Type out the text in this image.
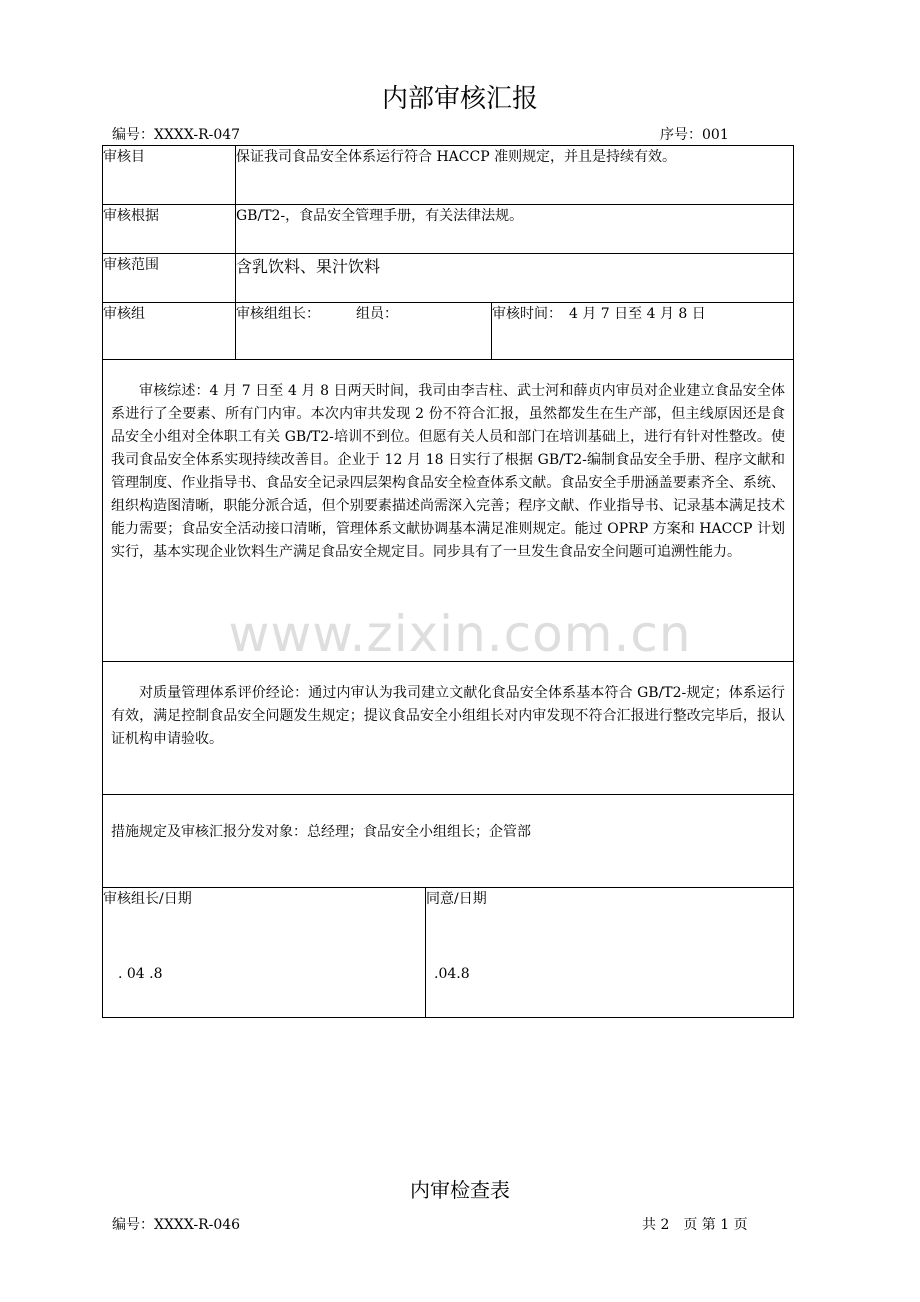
内部审核汇报
编号：XXXX-R-047	序号：001
审核目	保证我司食品安全体系运行符合 HACCP 准则规定，并且是持续有效。		
审核根据	GB/T2-，食品安全管理手册，有关法律法规。		
审核范围	含乳饮料、果汁饮料		
审核组	审核组组长： 组员：		审核时间：　4 月 7 日至 4 月 8 日

审核综述：4 月 7 日至 4 月 8 日两天时间，我司由李吉柱、武士河和薛贞内审员对企业建立食品安全体系进行了全要素、所有门内审。本次内审共发现 2 份不符合汇报，虽然都发生在生产部，但主线原因还是食品安全小组对全体职工有关 GB/T2-培训不到位。但愿有关人员和部门在培训基础上，进行有针对性整改。使我司食品安全体系实现持续改善目。企业于 12 月 18 日实行了根据 GB/T2-编制食品安全手册、程序文献和管理制度、作业指导书、食品安全记录四层架构食品安全检查体系文献。食品安全手册涵盖要素齐全、系统、组织构造图清晰，职能分派合适，但个别要素描述尚需深入完善；程序文献、作业指导书、记录基本满足技术能力需要；食品安全活动接口清晰，管理体系文献协调基本满足准则规定。能过 OPRP 方案和 HACCP 计划实行，基本实现企业饮料生产满足食品安全规定目。同步具有了一旦发生食品安全问题可追溯性能力。			

对质量管理体系评价经论：通过内审认为我司建立文献化食品安全体系基本符合 GB/T2-规定；体系运行有效，满足控制食品安全问题发生规定；提议食品安全小组组长对内审发现不符合汇报进行整改完毕后，报认证机构申请验收。			

措施规定及审核汇报分发对象：总经理；食品安全小组组长；企管部			

审核组长/日期		同意/日期	
. 04 .8	.04.8
www.zixin.com.cn
内审检查表
编号：XXXX-R-046	共 2　页 第 1 页
